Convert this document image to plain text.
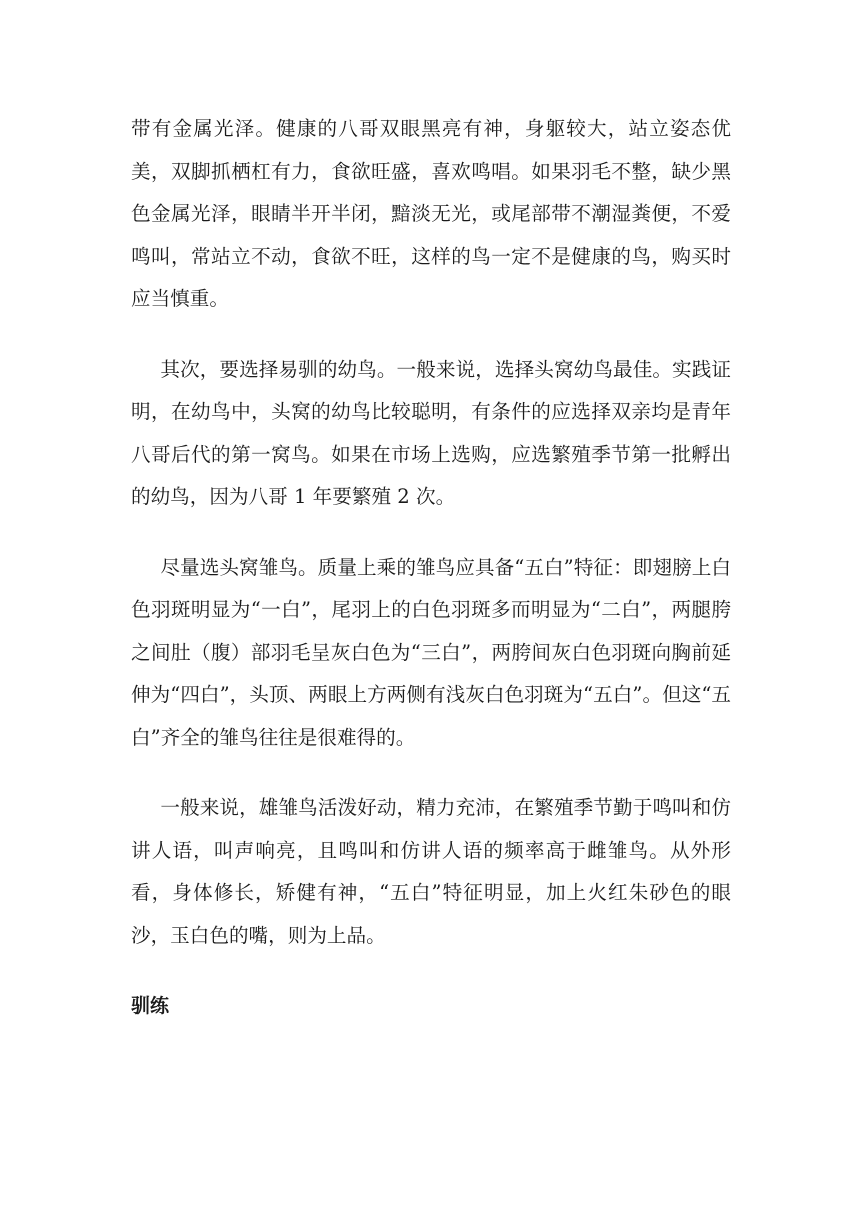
带有金属光泽。健康的八哥双眼黑亮有神，身躯较大，站立姿态优美，双脚抓栖杠有力，食欲旺盛，喜欢鸣唱。如果羽毛不整，缺少黑色金属光泽，眼睛半开半闭，黯淡无光，或尾部带不潮湿粪便，不爱鸣叫，常站立不动，食欲不旺，这样的鸟一定不是健康的鸟，购买时应当慎重。

其次，要选择易驯的幼鸟。一般来说，选择头窝幼鸟最佳。实践证明，在幼鸟中，头窝的幼鸟比较聪明，有条件的应选择双亲均是青年八哥后代的第一窝鸟。如果在市场上选购，应选繁殖季节第一批孵出的幼鸟，因为八哥 1 年要繁殖 2 次。

尽量选头窝雏鸟。质量上乘的雏鸟应具备“五白”特征：即翅膀上白色羽斑明显为“一白”，尾羽上的白色羽斑多而明显为“二白”，两腿胯之间肚（腹）部羽毛呈灰白色为“三白”，两胯间灰白色羽斑向胸前延伸为“四白”，头顶、两眼上方两侧有浅灰白色羽斑为“五白”。但这“五白”齐全的雏鸟往往是很难得的。

一般来说，雄雏鸟活泼好动，精力充沛，在繁殖季节勤于鸣叫和仿讲人语，叫声响亮，且鸣叫和仿讲人语的频率高于雌雏鸟。从外形看，身体修长，矫健有神，“五白”特征明显，加上火红朱砂色的眼沙，玉白色的嘴，则为上品。

驯练
